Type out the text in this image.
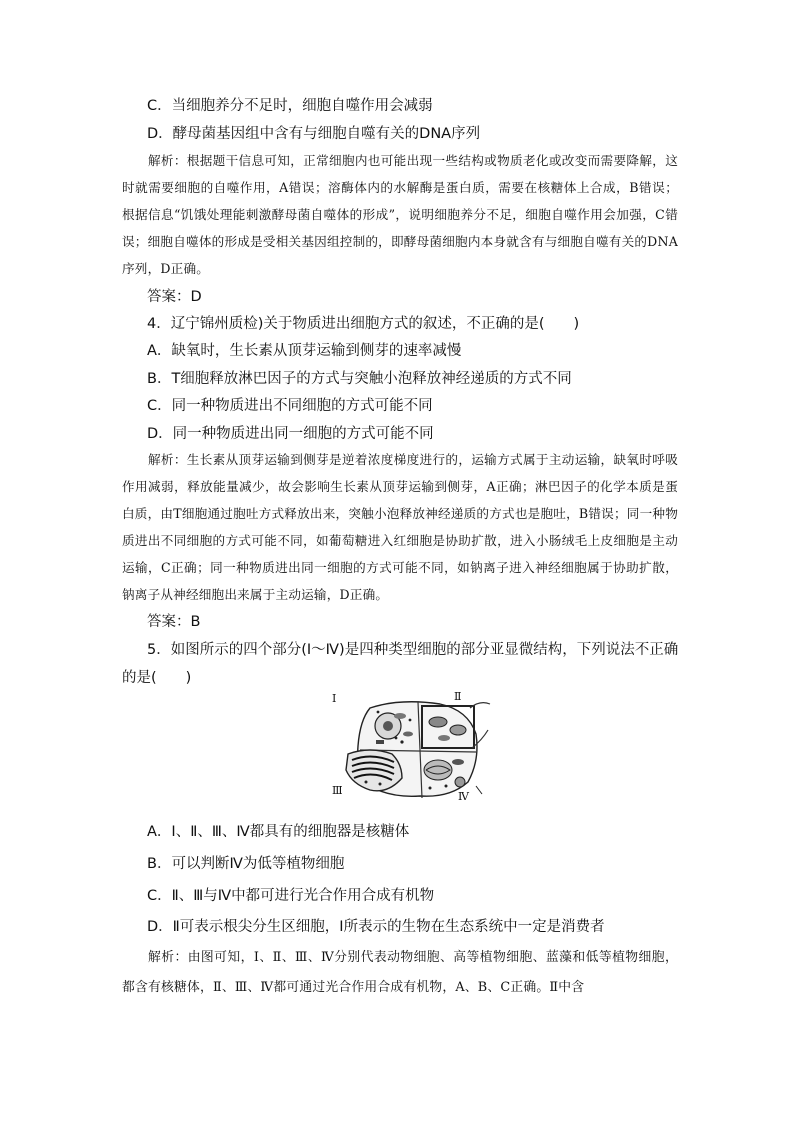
C．当细胞养分不足时，细胞自噬作用会减弱
D．酵母菌基因组中含有与细胞自噬有关的DNA序列
解析：根据题干信息可知，正常细胞内也可能出现一些结构或物质老化或改变而需要降解，这时就需要细胞的自噬作用，A错误；溶酶体内的水解酶是蛋白质，需要在核糖体上合成，B错误；根据信息“饥饿处理能刺激酵母菌自噬体的形成”，说明细胞养分不足，细胞自噬作用会加强，C错误；细胞自噬体的形成是受相关基因组控制的，即酵母菌细胞内本身就含有与细胞自噬有关的DNA序列，D正确。
答案：D
4．辽宁锦州质检)关于物质进出细胞方式的叙述，不正确的是(　　)
A．缺氧时，生长素从顶芽运输到侧芽的速率减慢
B．T细胞释放淋巴因子的方式与突触小泡释放神经递质的方式不同
C．同一种物质进出不同细胞的方式可能不同
D．同一种物质进出同一细胞的方式可能不同
解析：生长素从顶芽运输到侧芽是逆着浓度梯度进行的，运输方式属于主动运输，缺氧时呼吸作用减弱，释放能量减少，故会影响生长素从顶芽运输到侧芽，A正确；淋巴因子的化学本质是蛋白质，由T细胞通过胞吐方式释放出来，突触小泡释放神经递质的方式也是胞吐，B错误；同一种物质进出不同细胞的方式可能不同，如葡萄糖进入红细胞是协助扩散，进入小肠绒毛上皮细胞是主动运输，C正确；同一种物质进出同一细胞的方式可能不同，如钠离子进入神经细胞属于协助扩散，钠离子从神经细胞出来属于主动运输，D正确。
答案：B
5．如图所示的四个部分(Ⅰ～Ⅳ)是四种类型细胞的部分亚显微结构，下列说法不正确
的是(　　)
Ⅰ	Ⅱ
Ⅲ	Ⅳ
A．Ⅰ、Ⅱ、Ⅲ、Ⅳ都具有的细胞器是核糖体
B．可以判断Ⅳ为低等植物细胞
C．Ⅱ、Ⅲ与Ⅳ中都可进行光合作用合成有机物
D．Ⅱ可表示根尖分生区细胞，Ⅰ所表示的生物在生态系统中一定是消费者
解析：由图可知，Ⅰ、Ⅱ、Ⅲ、Ⅳ分别代表动物细胞、高等植物细胞、蓝藻和低等植物细胞，都含有核糖体，Ⅱ、Ⅲ、Ⅳ都可通过光合作用合成有机物，A、B、C正确。Ⅱ中含
